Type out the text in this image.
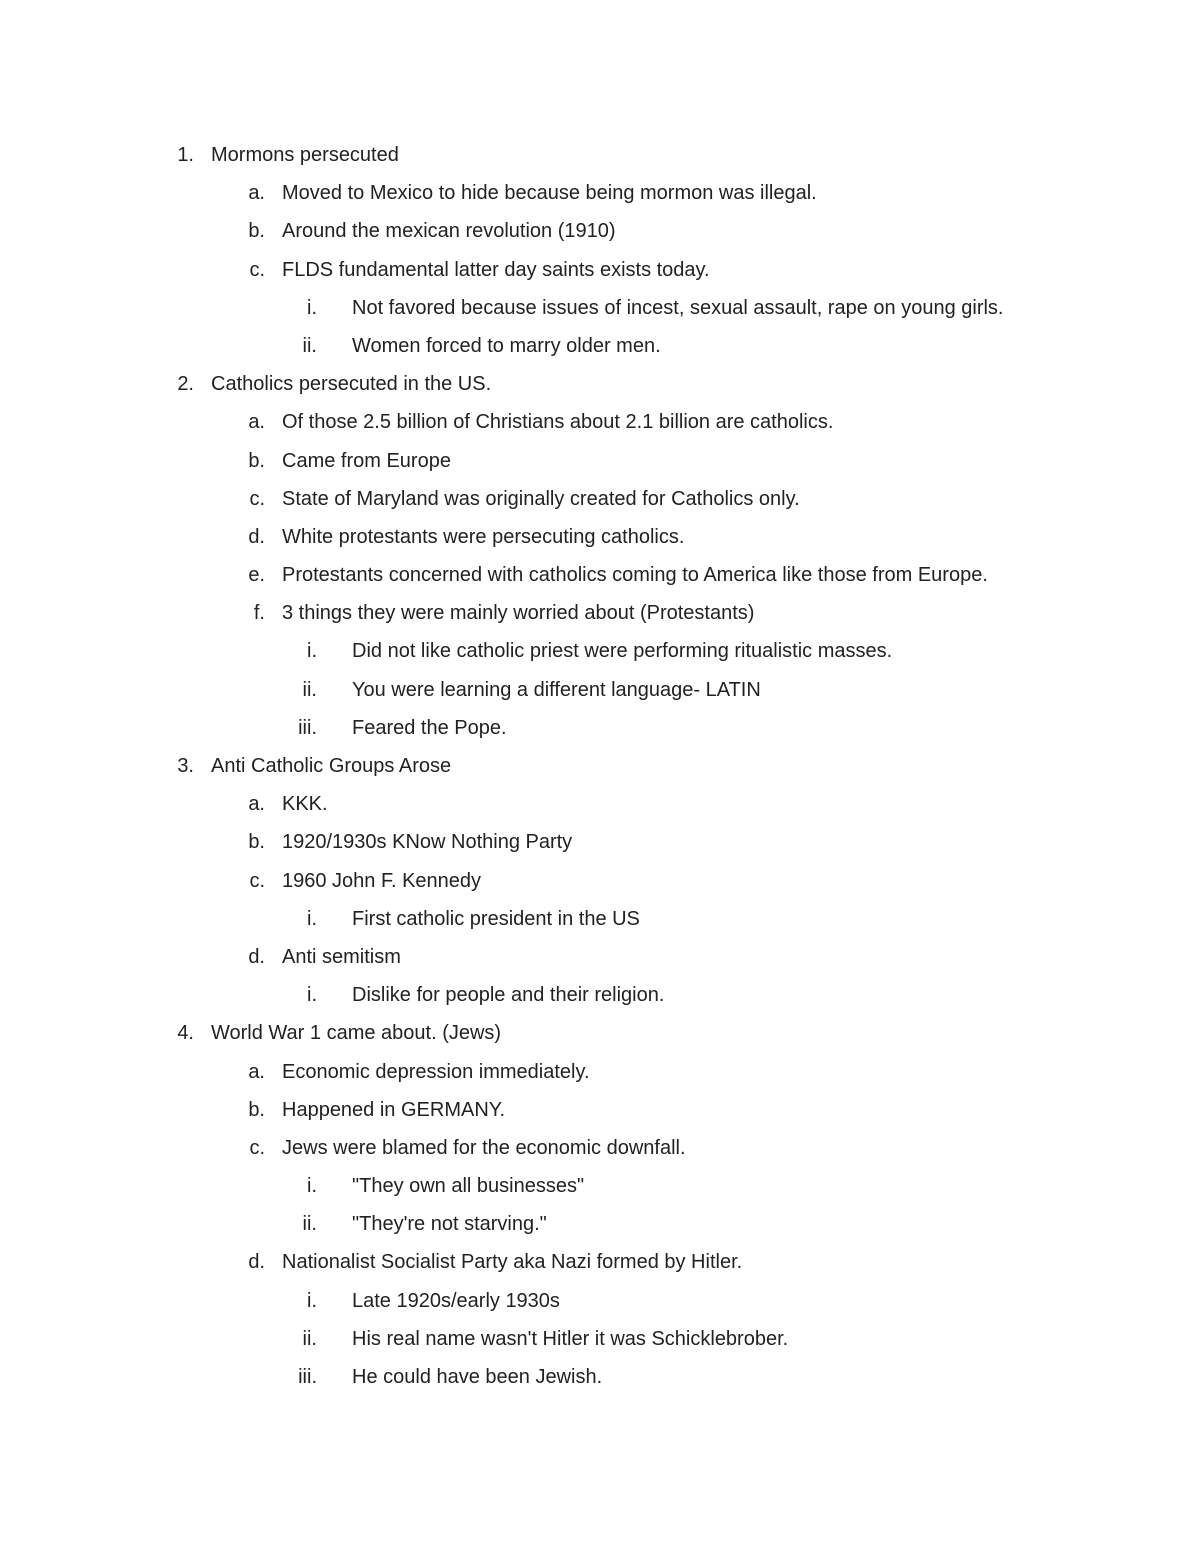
1. Mormons persecuted
a. Moved to Mexico to hide because being mormon was illegal.
b. Around the mexican revolution (1910)
c. FLDS fundamental latter day saints exists today.
i. Not favored because issues of incest, sexual assault, rape on young girls.
ii. Women forced to marry older men.
2. Catholics persecuted in the US.
a. Of those 2.5 billion of Christians about 2.1 billion are catholics.
b. Came from Europe
c. State of Maryland was originally created for Catholics only.
d. White protestants were persecuting catholics.
e. Protestants concerned with catholics coming to America like those from Europe.
f. 3 things they were mainly worried about (Protestants)
i. Did not like catholic priest were performing ritualistic masses.
ii. You were learning a different language- LATIN
iii. Feared the Pope.
3. Anti Catholic Groups Arose
a. KKK.
b. 1920/1930s KNow Nothing Party
c. 1960 John F. Kennedy
i. First catholic president in the US
d. Anti semitism
i. Dislike for people and their religion.
4. World War 1 came about. (Jews)
a. Economic depression immediately.
b. Happened in GERMANY.
c. Jews were blamed for the economic downfall.
i. "They own all businesses"
ii. "They're not starving."
d. Nationalist Socialist Party aka Nazi formed by Hitler.
i. Late 1920s/early 1930s
ii. His real name wasn't Hitler it was Schicklebrober.
iii. He could have been Jewish.
